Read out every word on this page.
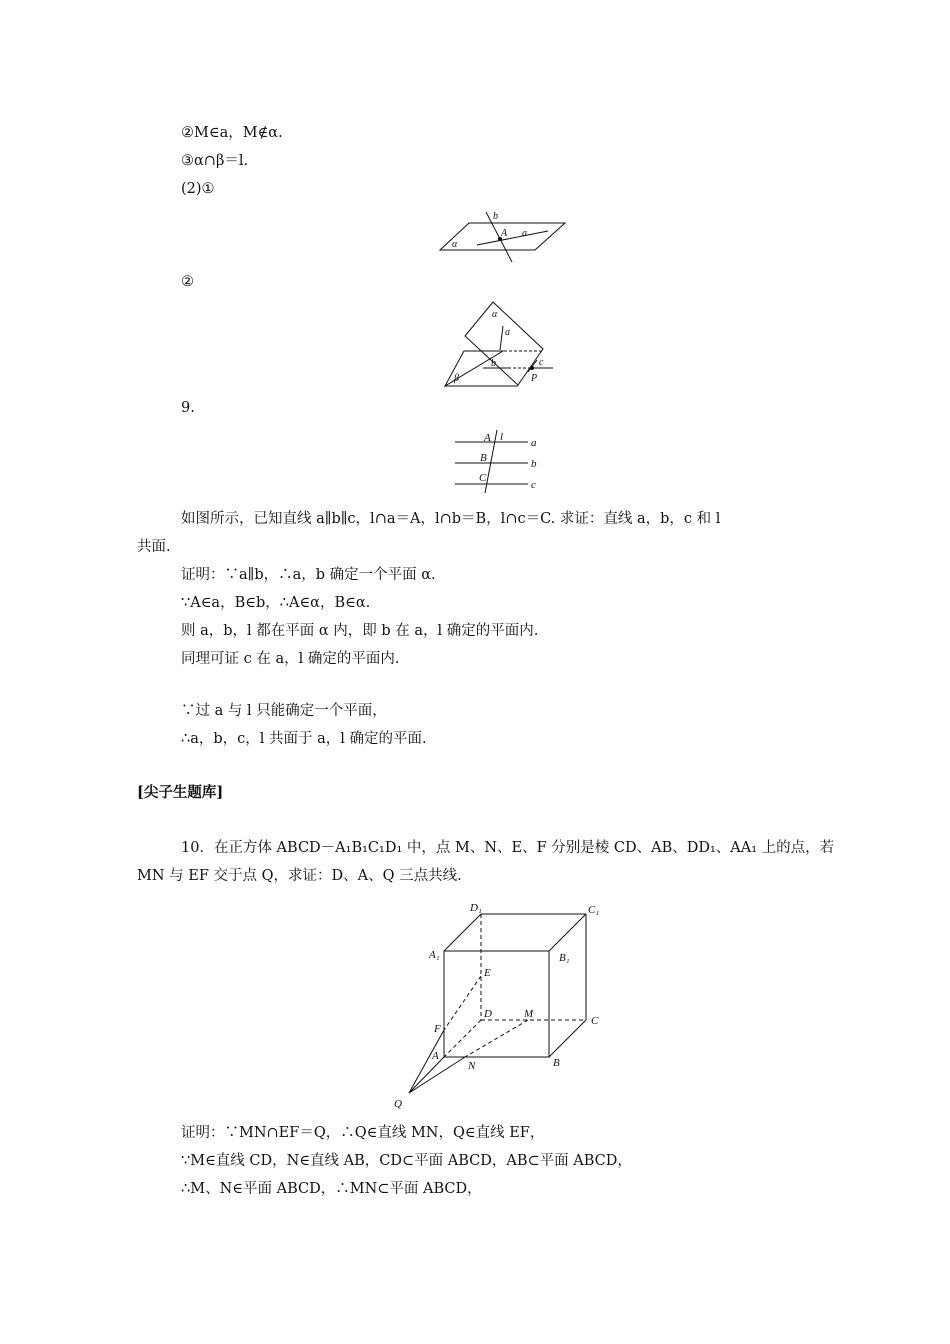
②M∈a，M∉α.
③α∩β＝l.
(2)①
b
A a
α
②
α
a
b	c
P
β
9.
A l	a
B	b
C
c
如图所示，已知直线 a∥b∥c，l∩a＝A，l∩b＝B，l∩c＝C. 求证：直线 a，b，c 和 l
共面.
证明：∵a∥b，∴a，b 确定一个平面 α.
∵A∈a，B∈b，∴A∈α，B∈α.
则 a，b，l 都在平面 α 内，即 b 在 a，l 确定的平面内.
同理可证 c 在 a，l 确定的平面内.
∵过 a 与 l 只能确定一个平面，
∴a，b，c，l 共面于 a，l 确定的平面.
[尖子生题库]
10．在正方体 ABCD－A₁B₁C₁D₁ 中，点 M、N、E、F 分别是棱 CD、AB、DD₁、AA₁ 上的点，若
MN 与 EF 交于点 Q，求证：D、A、Q 三点共线.
D₁	C₁
A₁	B₁
E
D	M
C
F
A
N	B
Q
证明：∵MN∩EF＝Q，∴Q∈直线 MN，Q∈直线 EF，
∵M∈直线 CD，N∈直线 AB，CD⊂平面 ABCD，AB⊂平面 ABCD，
∴M、N∈平面 ABCD，∴MN⊂平面 ABCD，
